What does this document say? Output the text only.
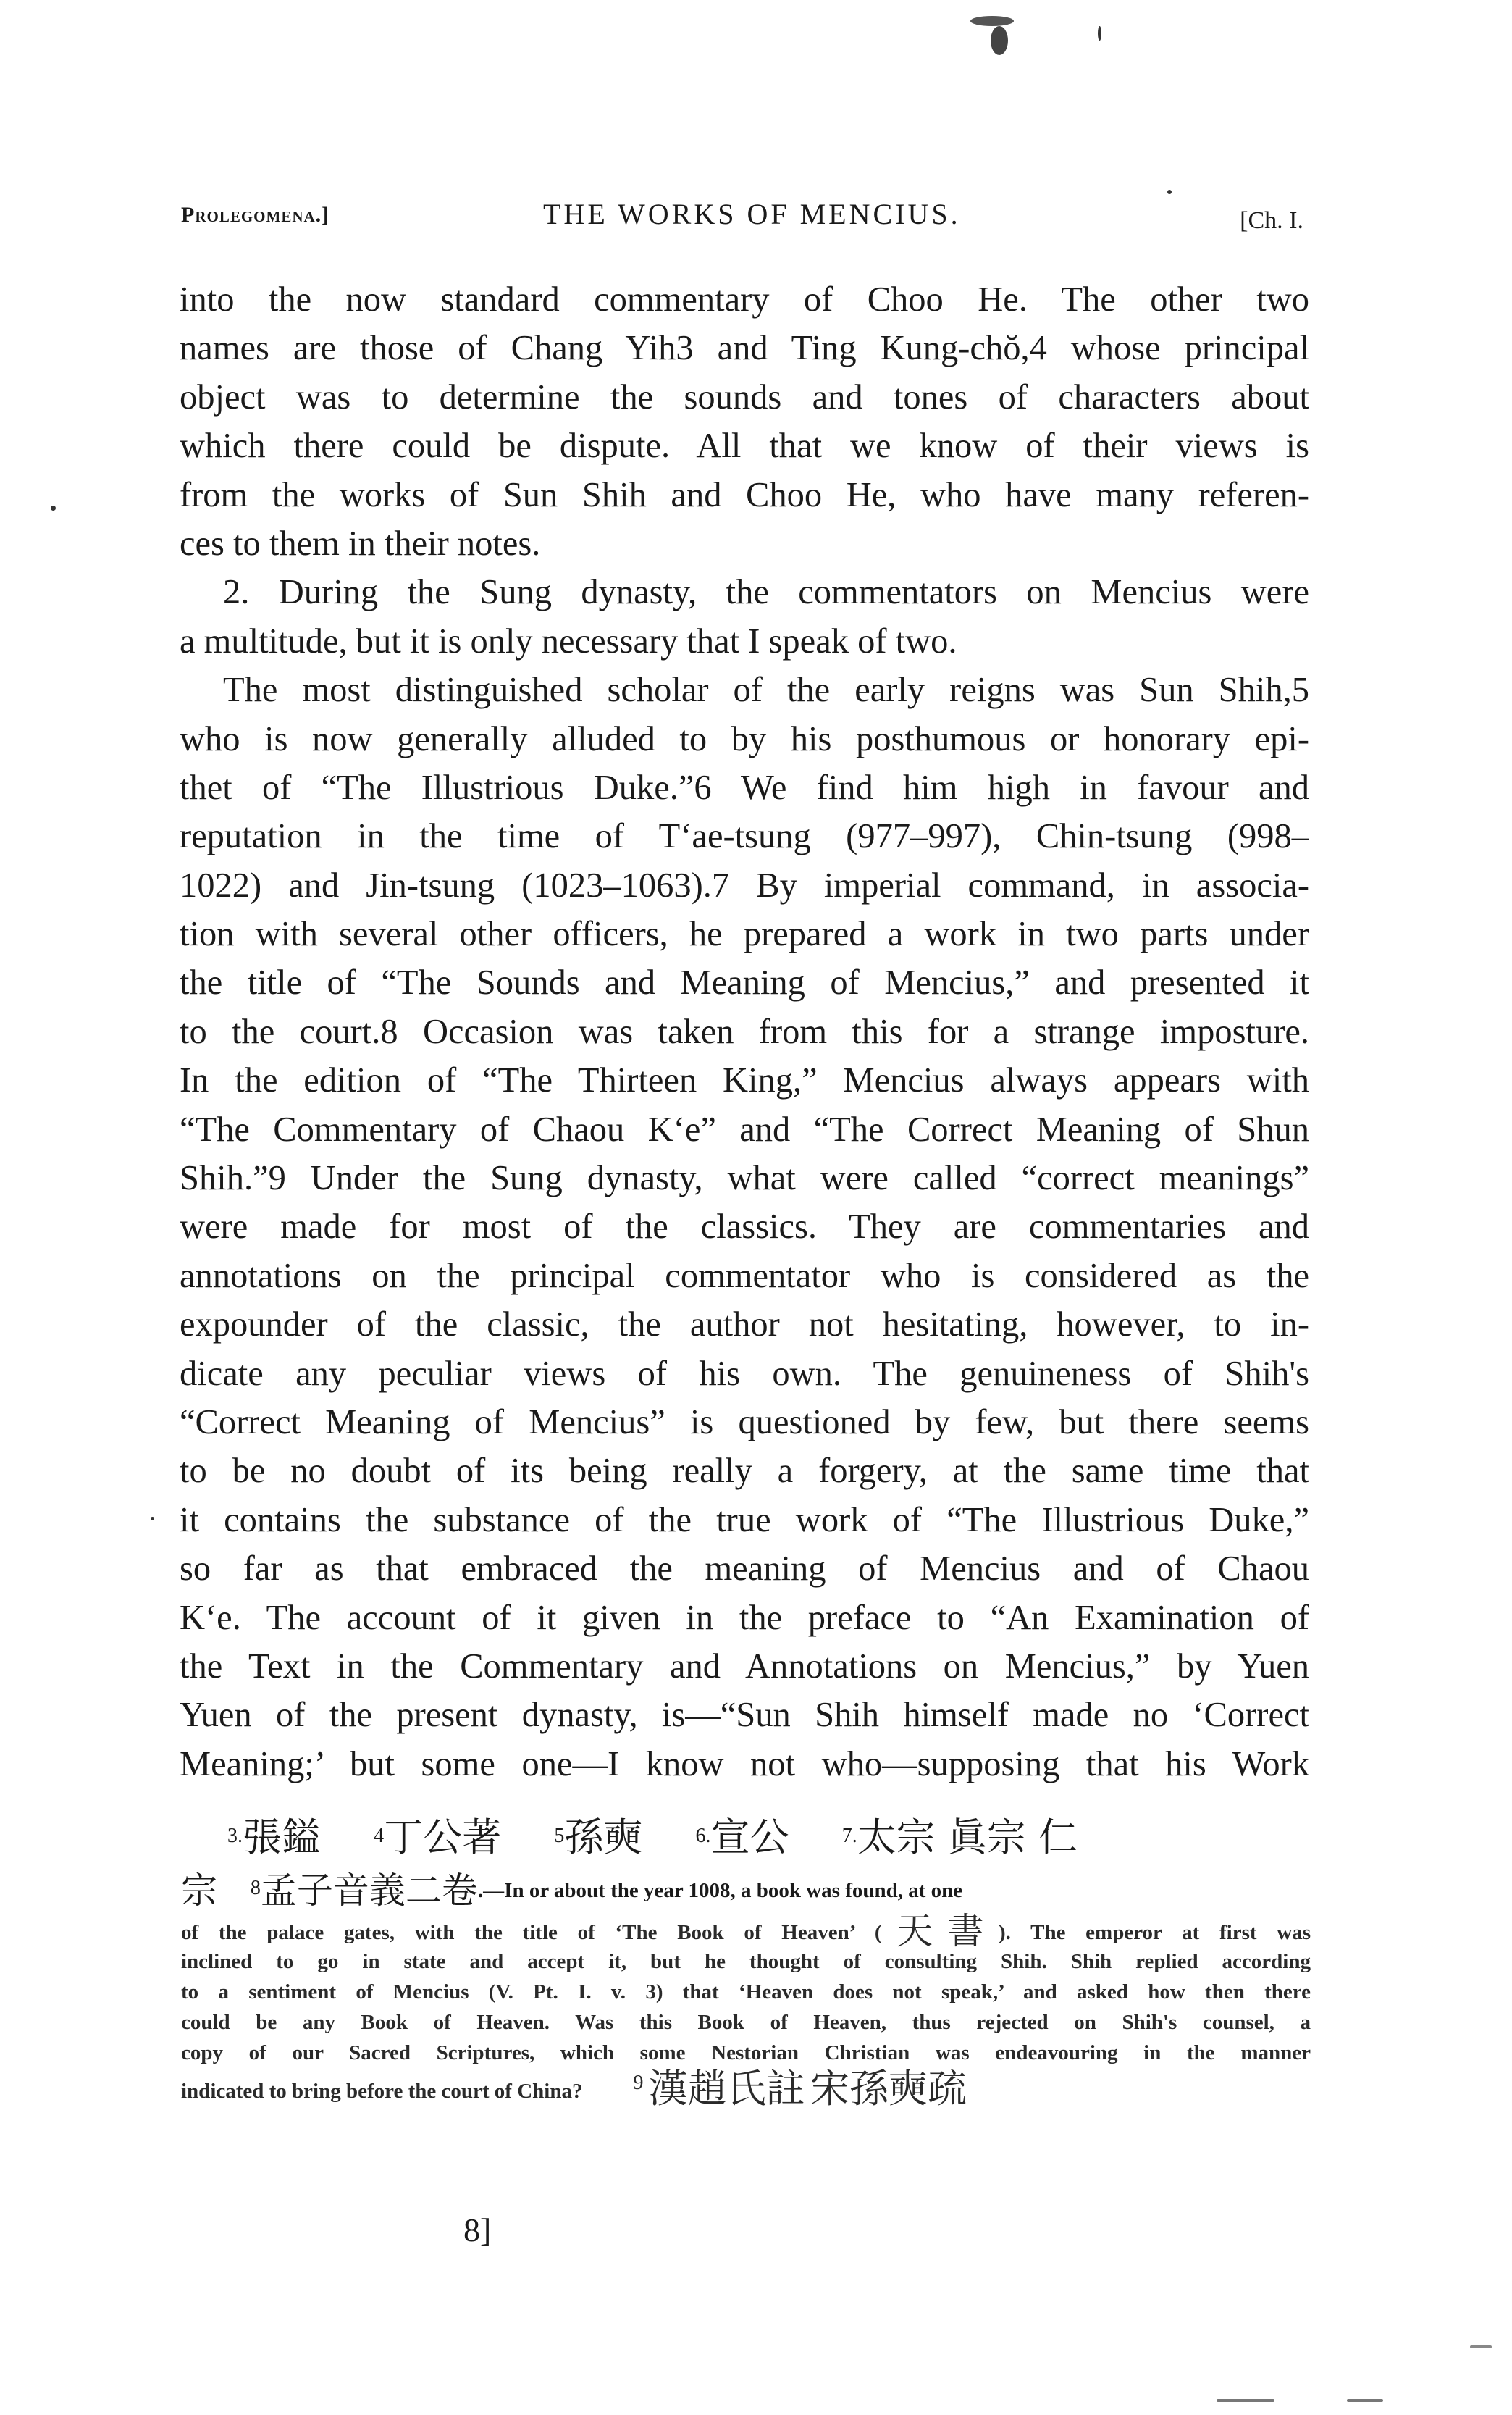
Prolegomena.]	THE WORKS OF MENCIUS.	[Ch. I.
into the now standard commentary of Choo He. The other two
names are those of Chang Yih3 and Ting Kung-chŏ,4 whose principal
object was to determine the sounds and tones of characters about
which there could be dispute. All that we know of their views is
from the works of Sun Shih and Choo He, who have many referen-
ces to them in their notes.
2. During the Sung dynasty, the commentators on Mencius were
a multitude, but it is only necessary that I speak of two.
The most distinguished scholar of the early reigns was Sun Shih,5
who is now generally alluded to by his posthumous or honorary epi-
thet of “The Illustrious Duke.”6 We find him high in favour and
reputation in the time of T‘ae-tsung (977–997), Chin-tsung (998–
1022) and Jin-tsung (1023–1063).7 By imperial command, in associa-
tion with several other officers, he prepared a work in two parts under
the title of “The Sounds and Meaning of Mencius,” and presented it
to the court.8 Occasion was taken from this for a strange imposture.
In the edition of “The Thirteen King,” Mencius always appears with
“The Commentary of Chaou K‘e” and “The Correct Meaning of Shun
Shih.”9 Under the Sung dynasty, what were called “correct meanings”
were made for most of the classics. They are commentaries and
annotations on the principal commentator who is considered as the
expounder of the classic, the author not hesitating, however, to in-
dicate any peculiar views of his own. The genuineness of Shih's
“Correct Meaning of Mencius” is questioned by few, but there seems
to be no doubt of its being really a forgery, at the same time that
it contains the substance of the true work of “The Illustrious Duke,”
so far as that embraced the meaning of Mencius and of Chaou
K‘e. The account of it given in the preface to “An Examination of
the Text in the Commentary and Annotations on Mencius,” by Yuen
Yuen of the present dynasty, is—“Sun Shih himself made no ‘Correct
Meaning;’ but some one—I know not who—supposing that his Work
$^{3.}$張鎰	$^4$丁公著	$^5$孫奭	$^{6.}$宣公	$^{7.}$太宗 眞宗 仁
宗 $^8$孟子音義二卷.—In or about the year 1008, a book was found, at one
of the palace gates, with the title of ‘The Book of Heaven’ (天書). The emperor at first was
inclined to go in state and accept it, but he thought of consulting Shih. Shih replied according
to a sentiment of Mencius (V. Pt. I. v. 3) that ‘Heaven does not speak,’ and asked how then there
could be any Book of Heaven. Was this Book of Heaven, thus rejected on Shih's counsel, a
copy of our Sacred Scriptures, which some Nestorian Christian was endeavouring in the manner
indicated to bring before the court of China?	9 漢趙氏註 宋孫奭疏
8]
